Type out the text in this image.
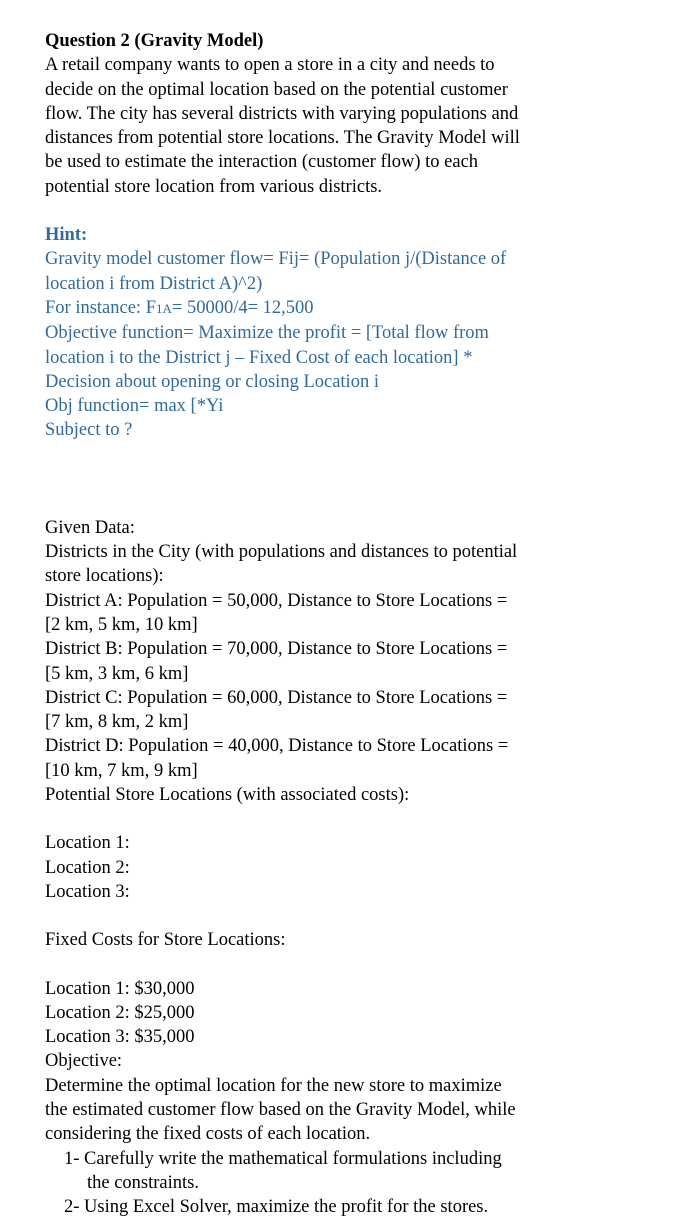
Question 2 (Gravity Model)
A retail company wants to open a store in a city and needs to
decide on the optimal location based on the potential customer
flow. The city has several districts with varying populations and
distances from potential store locations. The Gravity Model will
be used to estimate the interaction (customer flow) to each
potential store location from various districts.
Hint:
Gravity model customer flow= Fij= (Population j/(Distance of
location i from District A)^2)
For instance: F1A= 50000/4= 12,500
Objective function= Maximize the profit = [Total flow from
location i to the District j – Fixed Cost of each location] *
Decision about opening or closing Location i
Obj function= max [*Yi
Subject to ?
Given Data:
Districts in the City (with populations and distances to potential
store locations):
District A: Population = 50,000, Distance to Store Locations =
[2 km, 5 km, 10 km]
District B: Population = 70,000, Distance to Store Locations =
[5 km, 3 km, 6 km]
District C: Population = 60,000, Distance to Store Locations =
[7 km, 8 km, 2 km]
District D: Population = 40,000, Distance to Store Locations =
[10 km, 7 km, 9 km]
Potential Store Locations (with associated costs):
Location 1:
Location 2:
Location 3:
Fixed Costs for Store Locations:
Location 1: $30,000
Location 2: $25,000
Location 3: $35,000
Objective:
Determine the optimal location for the new store to maximize
the estimated customer flow based on the Gravity Model, while
considering the fixed costs of each location.
1- Carefully write the mathematical formulations including
the constraints.
2- Using Excel Solver, maximize the profit for the stores.
